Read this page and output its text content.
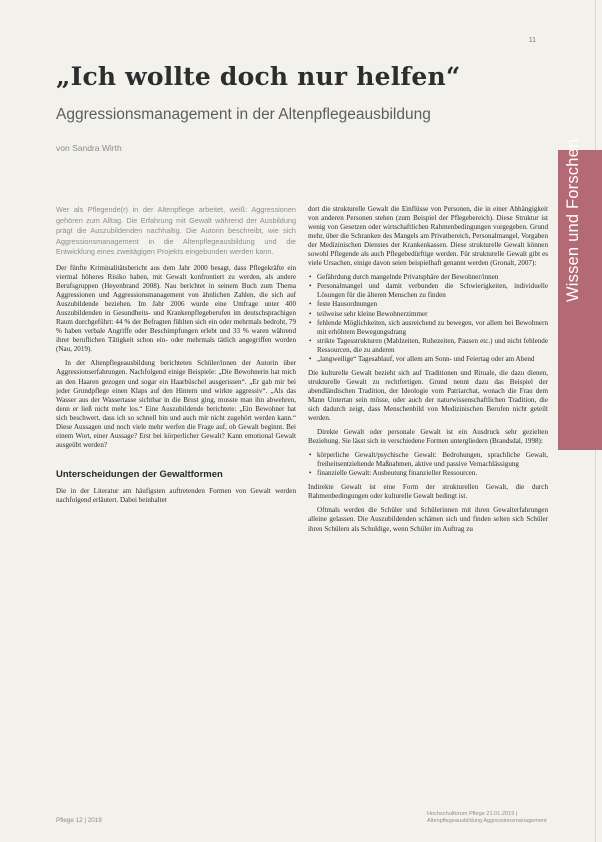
11
„Ich wollte doch nur helfen“
Aggressionsmanagement in der Altenpflegeausbildung
von Sandra Wirth	Wissen und Forschen

Wer als Pflegende(r) in der Altenpflege arbeitet, weiß: Aggressionen gehören zum Alltag. Die Erfahrung mit Gewalt während der Ausbildung prägt die Auszubildenden nachhaltig. Die Autorin beschreibt, wie sich Aggressionsmanagement in die Altenpflegeausbildung und die Entwicklung eines zweitägigen Projekts eingebunden werden kann.

Der fünfte Kriminalitätsbericht aus dem Jahr 2000 besagt, dass Pflegekräfte ein viermal höheres Risiko haben, mit Gewalt konfrontiert zu werden, als andere Berufsgruppen (Heyenbrand 2008). Nau berichtet in seinem Buch zum Thema Aggressionen und Aggressionsmanagement von ähnlichen Zahlen, die sich auf Auszubildende beziehen. Im Jahr 2006 wurde eine Umfrage unter 400 Auszubildenden in Gesundheits- und Krankenpflegeberufen im deutschsprachigen Raum durchgeführt: 44 % der Befragten fühlten sich ein oder mehrmals bedroht, 79 % haben verbale Angriffe oder Beschimpfungen erlebt und 33 % waren während ihrer beruflichen Tätigkeit schon ein- oder mehrmals tätlich angegriffen worden (Nau, 2019).

In der Altenpflegeausbildung berichteten Schüler/innen der Autorin über Aggressionserfahrungen. Nachfolgend einige Beispiele: „Die Bewohnerin hat mich an den Haaren gezogen und sogar ein Haarbüschel ausgerissen“. „Er gab mir bei jeder Grundpflege einen Klaps auf den Hintern und wirkte aggressiv“. „Als das Wasser aus der Wassertasse sichtbar in die Brust ging, musste man ihn abwehren, denn er ließ nicht mehr los.“ Eine Auszubildende berichtete: „Ein Bewohner hat sich beschwert, dass ich so schnell bin und auch mir nicht zugehört werden kann.“ Diese Aussagen und noch viele mehr werfen die Frage auf, ob Gewalt beginnt. Bei einem Wort, einer Aussage? Erst bei körperlicher Gewalt? Kann emotional Gewalt ausgeübt werden?

Unterscheidungen der Gewaltformen

Die in der Literatur am häufigsten auftretenden Formen von Gewalt werden nachfolgend erläutert. Dabei beinhaltet

dort die strukturelle Gewalt die Einflüsse von Personen, die in einer Abhängigkeit von anderen Personen stehen (zum Beispiel der Pflegebereich). Diese Struktur ist wenig von Gesetzen oder wirtschaftlichen Rahmenbedingungen vorgegeben. Grund mehr, über die Schranken des Mangels am Privatbereich, Personalmangel, Vorgaben der Medizinischen Dienstes der Krankenkassen. Diese strukturelle Gewalt können sowohl Pflegende als auch Pflegebedürftige werden. Für strukturelle Gewalt gibt es viele Ursachen, einige davon seien beispielhaft genannt werden (Gronalt, 2007):

• Gefährdung durch mangelnde Privatsphäre der Bewohner/innen
• Personalmangel und damit verbunden die Schwierigkeiten, individuelle Lösungen für die älteren Menschen zu finden
• feste Hausordnungen
• teilweise sehr kleine Bewohnerzimmer
• fehlende Möglichkeiten, sich ausreichend zu bewegen, vor allem bei Bewohnern mit erhöhtem Bewegungsdrang
• strikte Tagesstrukturen (Mahlzeiten, Ruhezeiten, Pausen etc.) und nicht fehlende Ressourcen, die zu anderen
• „langweilige“ Tagesablauf, vor allem am Sonn- und Feiertag oder am Abend

Die kulturelle Gewalt bezieht sich auf Traditionen und Rituale, die dazu dienen, strukturelle Gewalt zu rechtfertigen. Grund nennt dazu das Beispiel der abendländischen Tradition, der Ideologie vom Patriarchat, wonach die Frau dem Mann Untertan sein müsse, oder auch der naturwissenschaftlichen Tradition, die sich dadurch zeigt, dass Menschenbild von Medizinischen Berufen nicht geteilt werden.

Direkte Gewalt oder personale Gewalt ist ein Ausdruck sehr gezielten Beziehung. Sie lässt sich in verschiedene Formen untergliedern (Brandsdal, 1998):

• körperliche Gewalt/psychische Gewalt: Bedrohungen, sprachliche Gewalt, freiheitsentziehende Maßnahmen, aktive und passive Vernachlässigung
• finanzielle Gewalt: Ausbeutung finanzieller Ressourcen.

Indirekte Gewalt ist eine Form der strukturellen Gewalt, die durch Rahmenbedingungen oder kulturelle Gewalt bedingt ist.

Oftmals werden die Schüler und Schülerinnen mit ihren Gewalterfahrungen alleine gelassen. Die Auszubildenden schämen sich und finden selten sich Schüler ihren Schülern als Schuldige, wenn Schüler im Auftrag zu

Pflege 12 | 2019
Hochschulforum Pflege 21.01.2019 | Altenpflegeausbildung Aggressionsmanagement
